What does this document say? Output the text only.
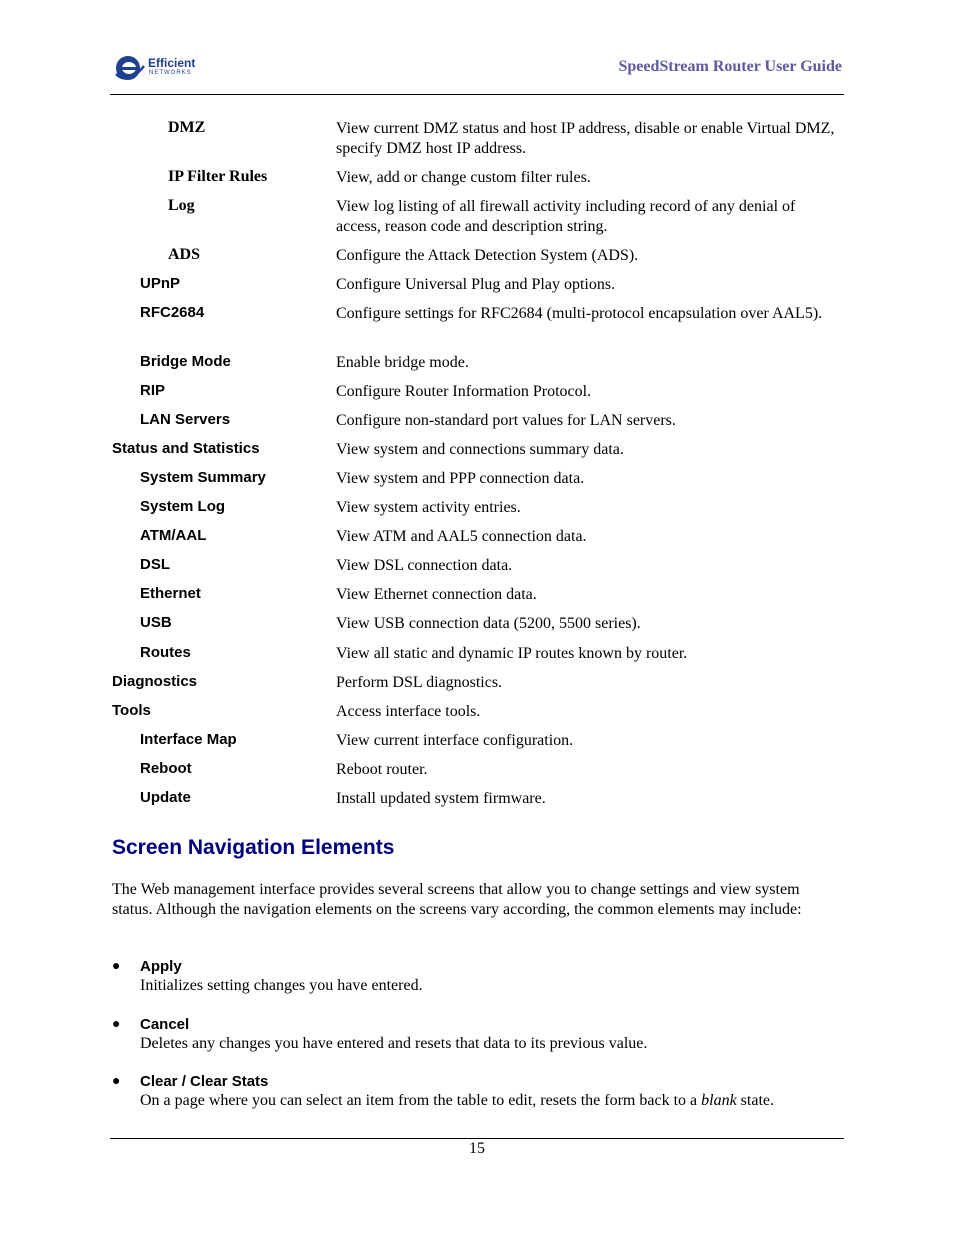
Efficient
NETWORKS	SpeedStream Router User Guide
DMZ	View current DMZ status and host IP address, disable or enable Virtual DMZ, specify DMZ host IP address.
IP Filter Rules	View, add or change custom filter rules.
Log	View log listing of all firewall activity including record of any denial of access, reason code and description string.
ADS	Configure the Attack Detection System (ADS).
UPnP	Configure Universal Plug and Play options.
RFC2684	Configure settings for RFC2684 (multi-protocol encapsulation over AAL5).
Bridge Mode	Enable bridge mode.
RIP	Configure Router Information Protocol.
LAN Servers	Configure non-standard port values for LAN servers.
Status and Statistics	View system and connections summary data.
System Summary	View system and PPP connection data.
System Log	View system activity entries.
ATM/AAL	View ATM and AAL5 connection data.
DSL	View DSL connection data.
Ethernet	View Ethernet connection data.
USB	View USB connection data (5200, 5500 series).
Routes	View all static and dynamic IP routes known by router.
Diagnostics	Perform DSL diagnostics.
Tools	Access interface tools.
Interface Map	View current interface configuration.
Reboot	Reboot router.
Update	Install updated system firmware.
Screen Navigation Elements
The Web management interface provides several screens that allow you to change settings and view system status. Although the navigation elements on the screens vary according, the common elements may include:
● Apply
Initializes setting changes you have entered.
● Cancel
Deletes any changes you have entered and resets that data to its previous value.
● Clear / Clear Stats
On a page where you can select an item from the table to edit, resets the form back to a blank state.
15
